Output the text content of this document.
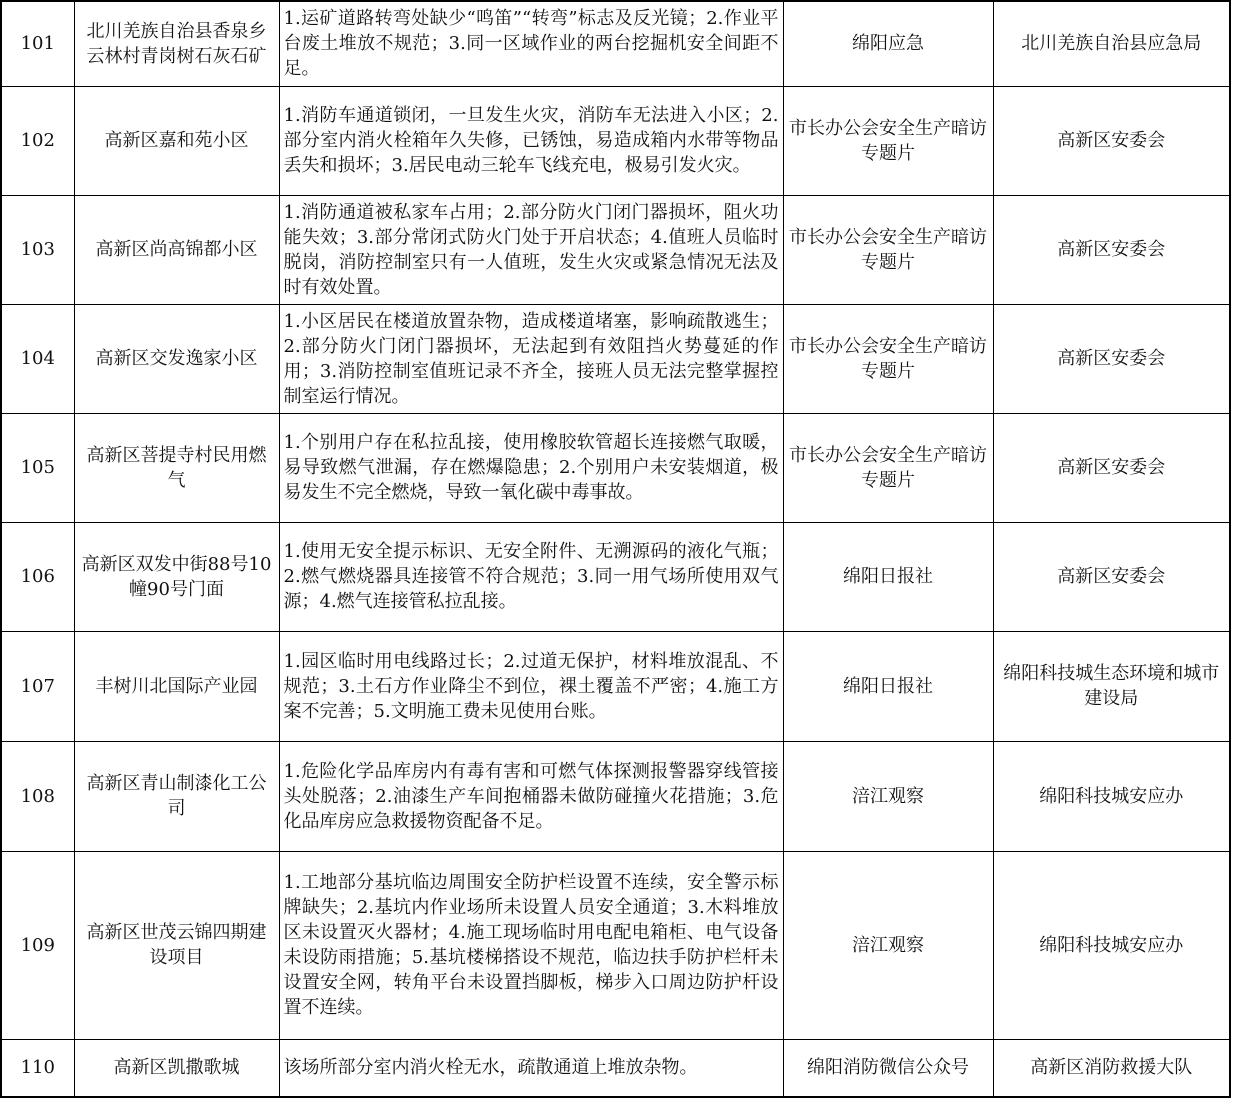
101	北川羌族自治县香泉乡云林村青岗树石灰石矿	1.运矿道路转弯处缺少“鸣笛”“转弯”标志及反光镜；2.作业平台废土堆放不规范；3.同一区域作业的两台挖掘机安全间距不足。	绵阳应急	北川羌族自治县应急局
102	高新区嘉和苑小区	1.消防车通道锁闭，一旦发生火灾，消防车无法进入小区；2.部分室内消火栓箱年久失修，已锈蚀，易造成箱内水带等物品丢失和损坏；3.居民电动三轮车飞线充电，极易引发火灾。	市长办公会安全生产暗访专题片	高新区安委会
103	高新区尚高锦都小区	1.消防通道被私家车占用；2.部分防火门闭门器损坏，阻火功能失效；3.部分常闭式防火门处于开启状态；4.值班人员临时脱岗，消防控制室只有一人值班，发生火灾或紧急情况无法及时有效处置。	市长办公会安全生产暗访专题片	高新区安委会
104	高新区交发逸家小区	1.小区居民在楼道放置杂物，造成楼道堵塞，影响疏散逃生；2.部分防火门闭门器损坏，无法起到有效阻挡火势蔓延的作用；3.消防控制室值班记录不齐全，接班人员无法完整掌握控制室运行情况。	市长办公会安全生产暗访专题片	高新区安委会
105	高新区菩提寺村民用燃气	1.个别用户存在私拉乱接，使用橡胶软管超长连接燃气取暖，易导致燃气泄漏，存在燃爆隐患；2.个别用户未安装烟道，极易发生不完全燃烧，导致一氧化碳中毒事故。	市长办公会安全生产暗访专题片	高新区安委会
106	高新区双发中街88号10幢90号门面	1.使用无安全提示标识、无安全附件、无溯源码的液化气瓶；2.燃气燃烧器具连接管不符合规范；3.同一用气场所使用双气源；4.燃气连接管私拉乱接。	绵阳日报社	高新区安委会
107	丰树川北国际产业园	1.园区临时用电线路过长；2.过道无保护，材料堆放混乱、不规范；3.土石方作业降尘不到位，裸土覆盖不严密；4.施工方案不完善；5.文明施工费未见使用台账。	绵阳日报社	绵阳科技城生态环境和城市建设局
108	高新区青山制漆化工公司	1.危险化学品库房内有毒有害和可燃气体探测报警器穿线管接头处脱落；2.油漆生产车间抱桶器未做防碰撞火花措施；3.危化品库房应急救援物资配备不足。	涪江观察	绵阳科技城安应办
109	高新区世茂云锦四期建设项目	1.工地部分基坑临边周围安全防护栏设置不连续，安全警示标牌缺失；2.基坑内作业场所未设置人员安全通道；3.木料堆放区未设置灭火器材；4.施工现场临时用电配电箱柜、电气设备未设防雨措施；5.基坑楼梯搭设不规范，临边扶手防护栏杆未设置安全网，转角平台未设置挡脚板，梯步入口周边防护杆设置不连续。	涪江观察	绵阳科技城安应办
110	高新区凯撒歌城	该场所部分室内消火栓无水，疏散通道上堆放杂物。	绵阳消防微信公众号	高新区消防救援大队
